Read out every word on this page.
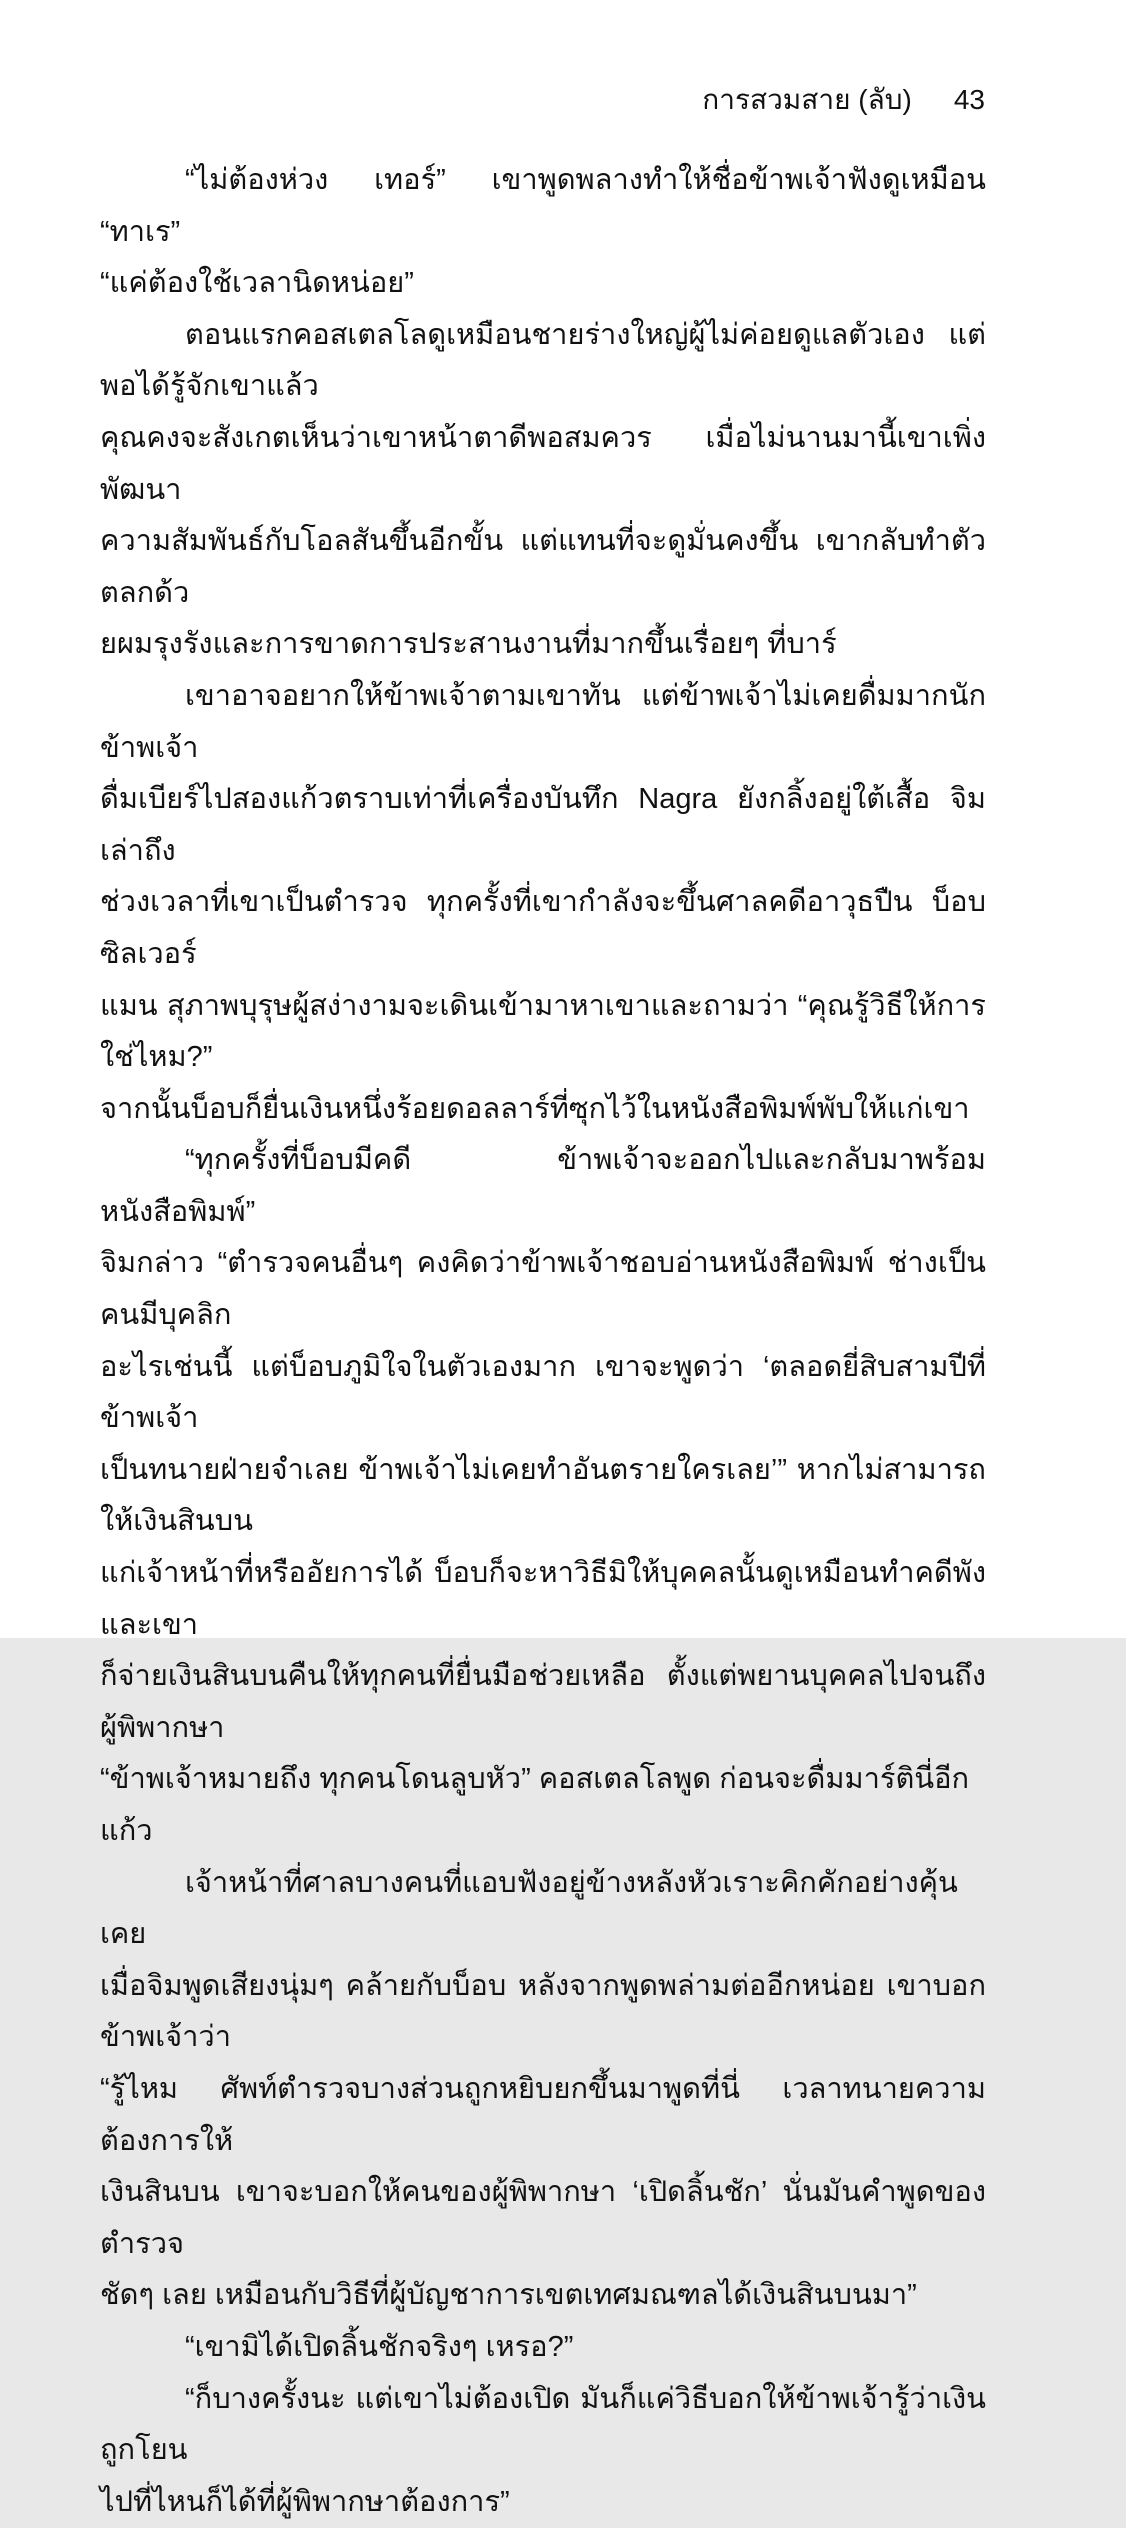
การสวมสาย (ลับ) 43
“ไม่ต้องห่วง เทอร์” เขาพูดพลางทำให้ชื่อข้าพเจ้าฟังดูเหมือน “ทาเร”
“แค่ต้องใช้เวลานิดหน่อย”
ตอนแรกคอสเตลโลดูเหมือนชายร่างใหญ่ผู้ไม่ค่อยดูแลตัวเอง แต่พอได้รู้จักเขาแล้ว
คุณคงจะสังเกตเห็นว่าเขาหน้าตาดีพอสมควร เมื่อไม่นานมานี้เขาเพิ่งพัฒนา
ความสัมพันธ์กับโอลสันขึ้นอีกขั้น แต่แทนที่จะดูมั่นคงขึ้น เขากลับทำตัวตลกด้ว
ยผมรุงรังและการขาดการประสานงานที่มากขึ้นเรื่อยๆ ที่บาร์
เขาอาจอยากให้ข้าพเจ้าตามเขาทัน แต่ข้าพเจ้าไม่เคยดื่มมากนัก ข้าพเจ้า
ดื่มเบียร์ไปสองแก้วตราบเท่าที่เครื่องบันทึก Nagra ยังกลิ้งอยู่ใต้เสื้อ จิมเล่าถึง
ช่วงเวลาที่เขาเป็นตำรวจ ทุกครั้งที่เขากำลังจะขึ้นศาลคดีอาวุธปืน บ็อบ ซิลเวอร์
แมน สุภาพบุรุษผู้สง่างามจะเดินเข้ามาหาเขาและถามว่า “คุณรู้วิธีให้การใช่ไหม?”
จากนั้นบ็อบก็ยื่นเงินหนึ่งร้อยดอลลาร์ที่ซุกไว้ในหนังสือพิมพ์พับให้แก่เขา
“ทุกครั้งที่บ็อบมีคดี ข้าพเจ้าจะออกไปและกลับมาพร้อมหนังสือพิมพ์”
จิมกล่าว “ตำรวจคนอื่นๆ คงคิดว่าข้าพเจ้าชอบอ่านหนังสือพิมพ์ ช่างเป็นคนมีบุคลิก
อะไรเช่นนี้ แต่บ็อบภูมิใจในตัวเองมาก เขาจะพูดว่า ‘ตลอดยี่สิบสามปีที่ข้าพเจ้า
เป็นทนายฝ่ายจำเลย ข้าพเจ้าไม่เคยทำอันตรายใครเลย’” หากไม่สามารถให้เงินสินบน
แก่เจ้าหน้าที่หรืออัยการได้ บ็อบก็จะหาวิธีมิให้บุคคลนั้นดูเหมือนทำคดีพัง และเขา
ก็จ่ายเงินสินบนคืนให้ทุกคนที่ยื่นมือช่วยเหลือ ตั้งแต่พยานบุคคลไปจนถึงผู้พิพากษา
“ข้าพเจ้าหมายถึง ทุกคนโดนลูบหัว” คอสเตลโลพูด ก่อนจะดื่มมาร์ตินี่อีกแก้ว
เจ้าหน้าที่ศาลบางคนที่แอบฟังอยู่ข้างหลังหัวเราะคิกคักอย่างคุ้นเคย
เมื่อจิมพูดเสียงนุ่มๆ คล้ายกับบ็อบ หลังจากพูดพล่ามต่ออีกหน่อย เขาบอกข้าพเจ้าว่า
“รู้ไหม ศัพท์ตำรวจบางส่วนถูกหยิบยกขึ้นมาพูดที่นี่ เวลาทนายความต้องการให้
เงินสินบน เขาจะบอกให้คนของผู้พิพากษา ‘เปิดลิ้นชัก’ นั่นมันคำพูดของตำรวจ
ชัดๆ เลย เหมือนกับวิธีที่ผู้บัญชาการเขตเทศมณฑลได้เงินสินบนมา”
“เขามิได้เปิดลิ้นชักจริงๆ เหรอ?”
“ก็บางครั้งนะ แต่เขาไม่ต้องเปิด มันก็แค่วิธีบอกให้ข้าพเจ้ารู้ว่าเงินถูกโยน
ไปที่ไหนก็ได้ที่ผู้พิพากษาต้องการ”
